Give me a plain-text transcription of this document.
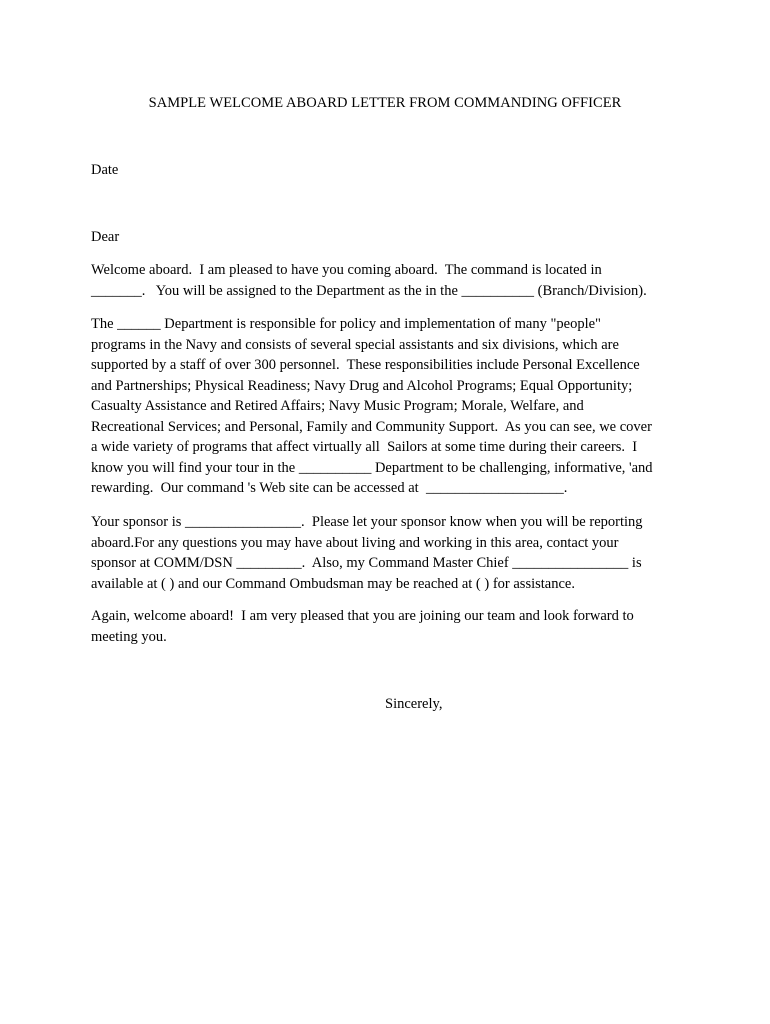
SAMPLE WELCOME ABOARD LETTER FROM COMMANDING OFFICER
Date
Dear
Welcome aboard.  I am pleased to have you coming aboard.  The command is located in
_______.   You will be assigned to the Department as the in the __________ (Branch/Division).
The ______ Department is responsible for policy and implementation of many "people"
programs in the Navy and consists of several special assistants and six divisions, which are
supported by a staff of over 300 personnel.  These responsibilities include Personal Excellence
and Partnerships; Physical Readiness; Navy Drug and Alcohol Programs; Equal Opportunity;
Casualty Assistance and Retired Affairs; Navy Music Program; Morale, Welfare, and
Recreational Services; and Personal, Family and Community Support.  As you can see, we cover
a wide variety of programs that affect virtually all  Sailors at some time during their careers.  I
know you will find your tour in the __________ Department to be challenging, informative, 'and
rewarding.  Our command 's Web site can be accessed at  ___________________.
Your sponsor is ________________.  Please let your sponsor know when you will be reporting
aboard.For any questions you may have about living and working in this area, contact your
sponsor at COMM/DSN _________.  Also, my Command Master Chief ________________ is
available at ( ) and our Command Ombudsman may be reached at ( ) for assistance.
Again, welcome aboard!  I am very pleased that you are joining our team and look forward to
meeting you.
Sincerely,
